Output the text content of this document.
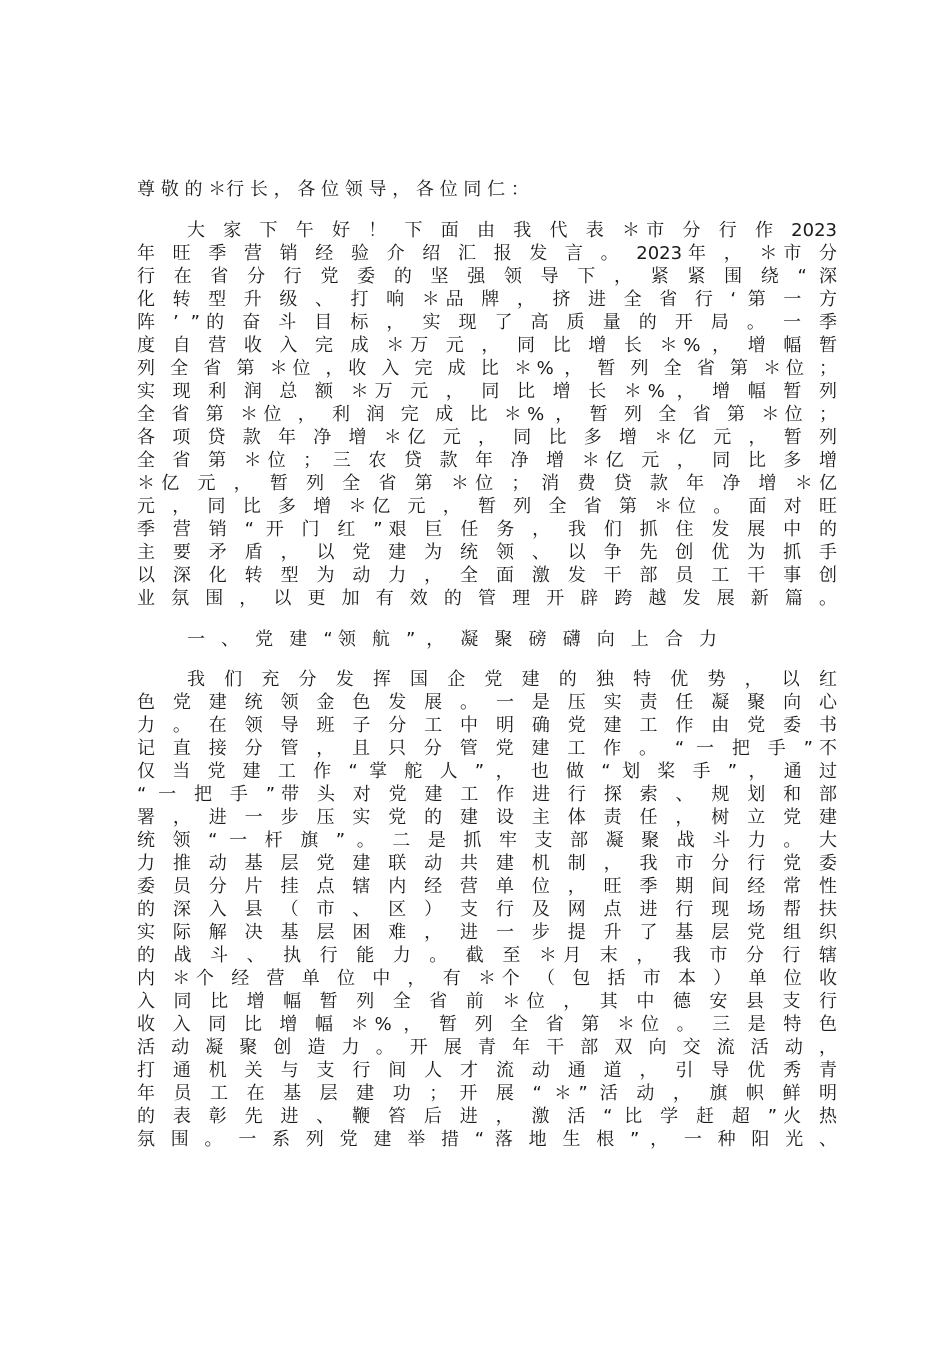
尊 敬 的 ＊行 长 ， 各 位 领 导 ， 各 位 同 仁 ：
大 家 下 午 好 ！ 下 面 由 我 代 表 ＊市 分 行 作 2023
年 旺 季 营 销 经 验 介 绍 汇 报 发 言 。 2023年 ， ＊市 分
行 在 省 分 行 党 委 的 坚 强 领 导 下 ， 紧 紧 围 绕 “ 深
化 转 型 升 级 、 打 响 ＊品 牌 ， 挤 进 全 省 行 ‘ 第 一 方
阵 ’ ”的 奋 斗 目 标 ， 实 现 了 高 质 量 的 开 局 。 一 季
度 自 营 收 入 完 成 ＊万 元 ， 同 比 增 长 ＊% ， 增 幅 暂
列 全 省 第 ＊位 ，收 入 完 成 比 ＊% ， 暂 列 全 省 第 ＊位 ；
实 现 利 润 总 额 ＊万 元 ， 同 比 增 长 ＊% ， 增 幅 暂 列
全 省 第 ＊位 ， 利 润 完 成 比 ＊% ， 暂 列 全 省 第 ＊位 ；
各 项 贷 款 年 净 增 ＊亿 元 ， 同 比 多 增 ＊亿 元 ， 暂 列
全 省 第 ＊位 ； 三 农 贷 款 年 净 增 ＊亿 元 ， 同 比 多 增
＊亿 元 ， 暂 列 全 省 第 ＊位 ； 消 费 贷 款 年 净 增 ＊亿
元 ， 同 比 多 增 ＊亿 元 ， 暂 列 全 省 第 ＊位 。 面 对 旺
季 营 销 “ 开 门 红 ”艰 巨 任 务 ， 我 们 抓 住 发 展 中 的
主 要 矛 盾 ， 以 党 建 为 统 领 、 以 争 先 创 优 为 抓 手
以 深 化 转 型 为 动 力 ， 全 面 激 发 干 部 员 工 干 事 创
业 氛 围 ， 以 更 加 有 效 的 管 理 开 辟 跨 越 发 展 新 篇 。
一 、 党 建 “领 航 ” ， 凝 聚 磅 礴 向 上 合 力
我 们 充 分 发 挥 国 企 党 建 的 独 特 优 势 ， 以 红
色 党 建 统 领 金 色 发 展 。 一 是 压 实 责 任 凝 聚 向 心
力 。 在 领 导 班 子 分 工 中 明 确 党 建 工 作 由 党 委 书
记 直 接 分 管 ， 且 只 分 管 党 建 工 作 。 “ 一 把 手 ”不
仅 当 党 建 工 作 “ 掌 舵 人 ” ， 也 做 “ 划 桨 手 ” ， 通 过
“ 一 把 手 ”带 头 对 党 建 工 作 进 行 探 索 、 规 划 和 部
署 ， 进 一 步 压 实 党 的 建 设 主 体 责 任 ， 树 立 党 建
统 领 “ 一 杆 旗 ” 。 二 是 抓 牢 支 部 凝 聚 战 斗 力 。 大
力 推 动 基 层 党 建 联 动 共 建 机 制 ， 我 市 分 行 党 委
委 员 分 片 挂 点 辖 内 经 营 单 位 ， 旺 季 期 间 经 常 性
的 深 入 县 （ 市 、 区 ） 支 行 及 网 点 进 行 现 场 帮 扶
实 际 解 决 基 层 困 难 ， 进 一 步 提 升 了 基 层 党 组 织
的 战 斗 、 执 行 能 力 。 截 至 ＊月 末 ， 我 市 分 行 辖
内 ＊个 经 营 单 位 中 ， 有 ＊个 （ 包 括 市 本 ） 单 位 收
入 同 比 增 幅 暂 列 全 省 前 ＊位 ， 其 中 德 安 县 支 行
收 入 同 比 增 幅 ＊% ， 暂 列 全 省 第 ＊位 。 三 是 特 色
活 动 凝 聚 创 造 力 。 开 展 青 年 干 部 双 向 交 流 活 动 ，
打 通 机 关 与 支 行 间 人 才 流 动 通 道 ， 引 导 优 秀 青
年 员 工 在 基 层 建 功 ； 开 展 “ ＊” 活 动 ， 旗 帜 鲜 明
的 表 彰 先 进 、 鞭 笞 后 进 ， 激 活 “ 比 学 赶 超 ”火 热
氛 围 。 一 系 列 党 建 举 措 “ 落 地 生 根 ” ， 一 种 阳 光 、
